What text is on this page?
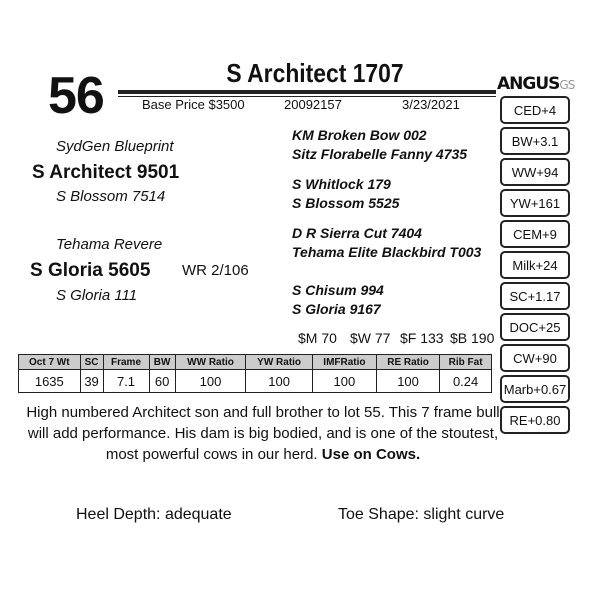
56	S Architect 1707
Base Price $3500	20092157	3/23/2021
ANGUSGS
CED+4
BW+3.1
WW+94
YW+161
CEM+9
Milk+24
SC+1.17
DOC+25
CW+90
Marb+0.67
RE+0.80
SydGen Blueprint
S Architect 9501
S Blossom 7514
Tehama Revere
S Gloria 5605 WR 2/106
S Gloria 111
KM Broken Bow 002
Sitz Florabelle Fanny 4735
S Whitlock 179
S Blossom 5525
D R Sierra Cut 7404
Tehama Elite Blackbird T003
S Chisum 994
S Gloria 9167
$M 70 $W 77 $F 133 $B 190
Oct 7 Wt	SC	Frame	BW	WW Ratio	YW Ratio	IMFRatio	RE Ratio	Rib Fat
1635	39	7.1	60	100	100	100	100	0.24
High numbered Architect son and full brother to lot 55. This 7 frame bull will add performance. His dam is big bodied, and is one of the stoutest, most powerful cows in our herd. Use on Cows.
Heel Depth: adequate	Toe Shape: slight curve
